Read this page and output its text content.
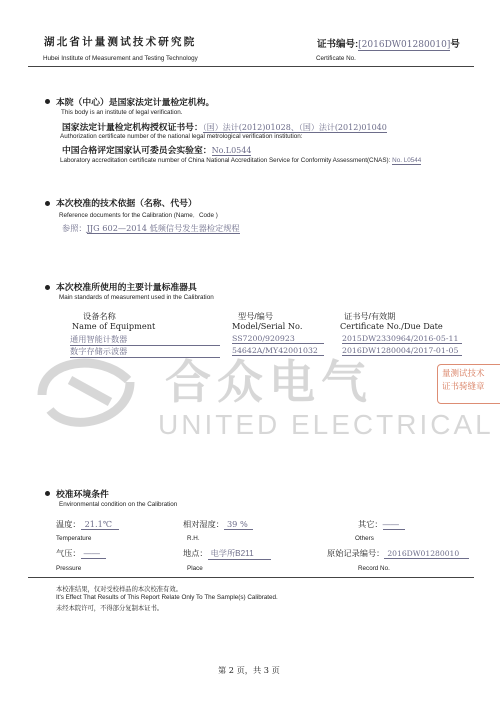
湖北省计量测试技术研究院
Hubei Institute of Measurement and Testing Technology
证书编号:[2016DW01280010]号
Certificate No.
本院（中心）是国家法定计量检定机构。
This body is an institute of legal verification.
国家法定计量检定机构授权证书号：（国）法计(2012)01028、（国）法计(2012)01040
Authorization certificate number of the national legal metrological verification institution:
中国合格评定国家认可委员会实验室：No.L0544
Laboratory accreditation certificate number of China National Accreditation Service for Conformity Assessment(CNAS): No. L0544
本次校准的技术依据（名称、代号）
Reference documents for the Calibration (Name．Code )
参照：JJG 602—2014 低频信号发生器检定规程
本次校准所使用的主要计量标准器具
Main standards of measurement used in the Calibration
设备名称
Name of Equipment
型号/编号
Model/Serial No.
证书号/有效期
Certificate No./Due Date
通用智能计数器	SS7200/920923	2015DW2330964/2016-05-11
数字存储示波器	54642A/MY42001032	2016DW1280004/2017-01-05
合众电气
UNITED ELECTRICAL
量测试技术
证书骑缝章
校准环境条件
Environmental condition on the Calibration
温度： 21.1℃
Temperature
相对湿度： 39 %
R.H.
其它：——
Others
气压： ——
Pressure
地点： 电学所B211
Place
原始记录编号： 2016DW01280010
Record No.
本校准结果，仅对受校样品的本次校准有效。
It's Effect That Results of This Report Relate Only To The Sample(s) Calibrated.
未经本院许可，不得部分复制本证书。
第 2 页，共 3 页
